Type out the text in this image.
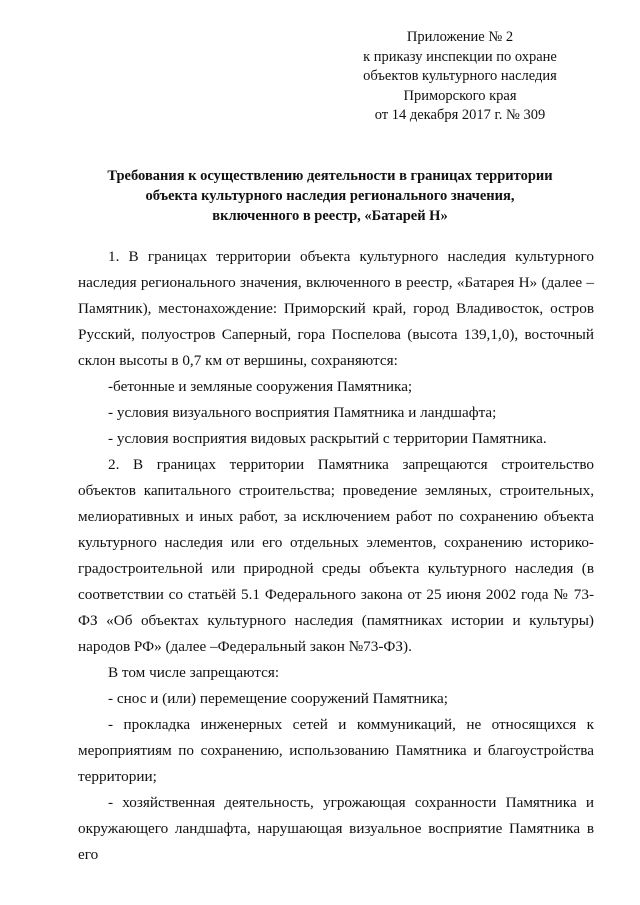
Приложение № 2
к приказу инспекции по охране
объектов культурного наследия
Приморского края
от 14 декабря 2017 г. № 309
Требования к осуществлению деятельности в границах территории
объекта культурного наследия регионального значения,
включенного в реестр, «Батарей Н»

1. В границах территории объекта культурного наследия культурного наследия регионального значения, включенного в реестр, «Батарея Н» (далее – Памятник), местонахождение: Приморский край, город Владивосток, остров Русский, полуостров Саперный, гора Поспелова (высота 139,1,0), восточный склон высоты в 0,7 км от вершины, сохраняются:

-бетонные и земляные сооружения Памятника;

- условия визуального восприятия Памятника и ландшафта;

- условия восприятия видовых раскрытий с территории Памятника.

2. В границах территории Памятника запрещаются строительство объектов капитального строительства; проведение земляных, строительных, мелиоративных и иных работ, за исключением работ по сохранению объекта культурного наследия или его отдельных элементов, сохранению историко-градостроительной или природной среды объекта культурного наследия (в соответствии со статьёй 5.1 Федерального закона от 25 июня 2002 года № 73-ФЗ «Об объектах культурного наследия (памятниках истории и культуры) народов РФ» (далее –Федеральный закон №73-ФЗ).

В том числе запрещаются:

- снос и (или) перемещение сооружений Памятника;

- прокладка инженерных сетей и коммуникаций, не относящихся к мероприятиям по сохранению, использованию Памятника и благоустройства территории;

- хозяйственная деятельность, угрожающая сохранности Памятника и окружающего ландшафта, нарушающая визуальное восприятие Памятника в его
